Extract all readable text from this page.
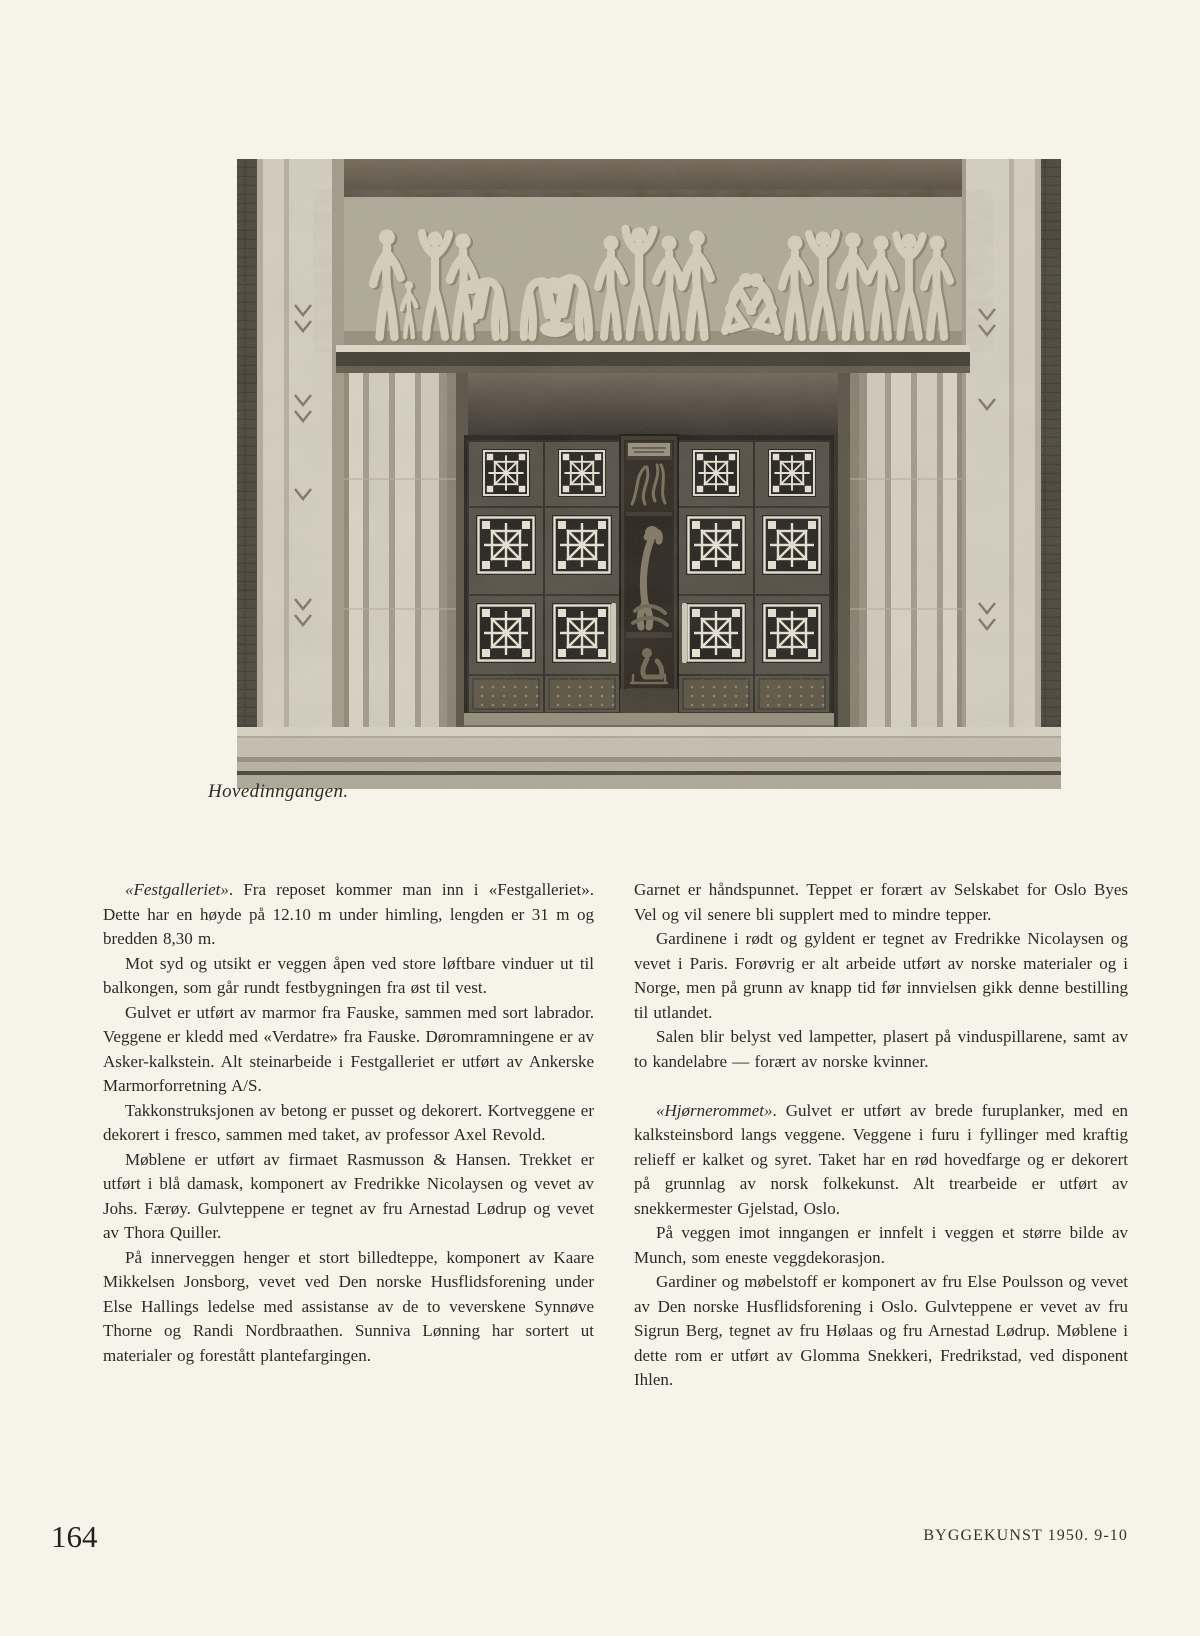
Hovedinngangen.

«Festgalleriet». Fra reposet kommer man inn i «Festgalleriet». Dette har en høyde på 12.10 m under himling, lengden er 31 m og bredden 8,30 m.

Mot syd og utsikt er veggen åpen ved store løftbare vinduer ut til balkongen, som går rundt festbygningen fra øst til vest.

Gulvet er utført av marmor fra Fauske, sammen med sort labrador. Veggene er kledd med «Verdatre» fra Fauske. Døromramningene er av Asker-kalkstein. Alt steinarbeide i Festgalleriet er utført av Ankerske Marmorforretning A/S.

Takkonstruksjonen av betong er pusset og dekorert. Kortveggene er dekorert i fresco, sammen med taket, av professor Axel Revold.

Møblene er utført av firmaet Rasmusson & Hansen. Trekket er utført i blå damask, komponert av Fredrikke Nicolaysen og vevet av Johs. Færøy. Gulvteppene er tegnet av fru Arnestad Lødrup og vevet av Thora Quiller.

På innerveggen henger et stort billedteppe, komponert av Kaare Mikkelsen Jonsborg, vevet ved Den norske Husflidsforening under Else Hallings ledelse med assistanse av de to veverskene Synnøve Thorne og Randi Nordbraathen. Sunniva Lønning har sortert ut materialer og forestått plantefargingen.

Garnet er håndspunnet. Teppet er forært av Selskabet for Oslo Byes Vel og vil senere bli supplert med to mindre tepper.

Gardinene i rødt og gyldent er tegnet av Fredrikke Nicolaysen og vevet i Paris. Forøvrig er alt arbeide utført av norske materialer og i Norge, men på grunn av knapp tid før innvielsen gikk denne bestilling til utlandet.

Salen blir belyst ved lampetter, plasert på vinduspillarene, samt av to kandelabre — forært av norske kvinner.

«Hjørnerommet». Gulvet er utført av brede furuplanker, med en kalksteinsbord langs veggene. Veggene i furu i fyllinger med kraftig relieff er kalket og syret. Taket har en rød hovedfarge og er dekorert på grunnlag av norsk folkekunst. Alt trearbeide er utført av snekkermester Gjelstad, Oslo.

På veggen imot inngangen er innfelt i veggen et større bilde av Munch, som eneste veggdekorasjon.

Gardiner og møbelstoff er komponert av fru Else Poulsson og vevet av Den norske Husflidsforening i Oslo. Gulvteppene er vevet av fru Sigrun Berg, tegnet av fru Hølaas og fru Arnestad Lødrup. Møblene i dette rom er utført av Glomma Snekkeri, Fredrikstad, ved disponent Ihlen.

164	BYGGEKUNST 1950. 9-10
